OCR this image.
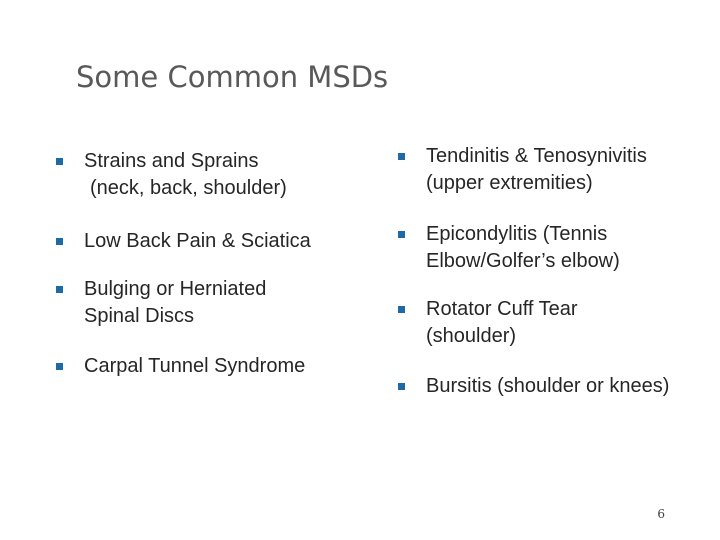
Some Common MSDs
Strains and Sprains
(neck, back, shoulder)
Low Back Pain & Sciatica
Bulging or Herniated Spinal Discs
Carpal Tunnel Syndrome
Tendinitis & Tenosynivitis (upper extremities)
Epicondylitis (Tennis Elbow/Golfer’s elbow)
Rotator Cuff Tear (shoulder)
Bursitis (shoulder or knees)
6
